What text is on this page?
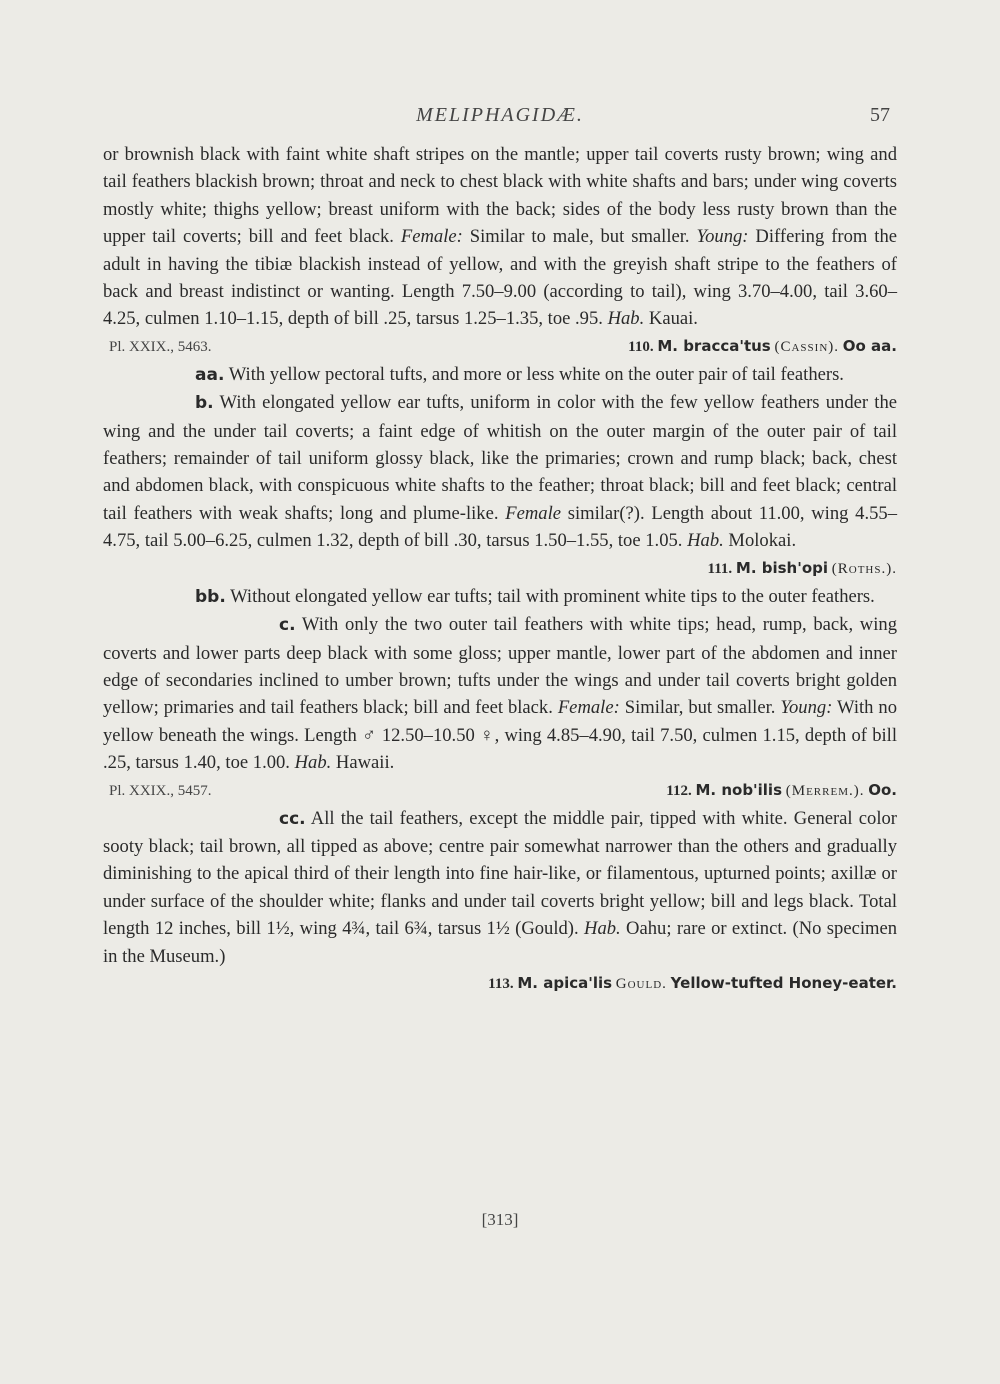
MELIPHAGIDÆ.	57

or brownish black with faint white shaft stripes on the mantle; upper tail coverts rusty brown; wing and tail feathers blackish brown; throat and neck to chest black with white shafts and bars; under wing coverts mostly white; thighs yellow; breast uniform with the back; sides of the body less rusty brown than the upper tail coverts; bill and feet black. Female: Similar to male, but smaller. Young: Differing from the adult in having the tibiæ blackish instead of yellow, and with the greyish shaft stripe to the feathers of back and breast indistinct or wanting. Length 7.50–9.00 (according to tail), wing 3.70–4.00, tail 3.60–4.25, culmen 1.10–1.15, depth of bill .25, tarsus 1.25–1.35, toe .95. Hab. Kauai.

Pl. XXIX., 5463.	110. M. bracca'tus (Cassin). Oo aa.

aa. With yellow pectoral tufts, and more or less white on the outer pair of tail feathers.

b. With elongated yellow ear tufts, uniform in color with the few yellow feathers under the wing and the under tail coverts; a faint edge of whitish on the outer margin of the outer pair of tail feathers; remainder of tail uniform glossy black, like the primaries; crown and rump black; back, chest and abdomen black, with conspicuous white shafts to the feather; throat black; bill and feet black; central tail feathers with weak shafts; long and plume-like. Female similar(?). Length about 11.00, wing 4.55–4.75, tail 5.00–6.25, culmen 1.32, depth of bill .30, tarsus 1.50–1.55, toe 1.05. Hab. Molokai.

111. M. bish'opi (Roths.).

bb. Without elongated yellow ear tufts; tail with prominent white tips to the outer feathers.

c. With only the two outer tail feathers with white tips; head, rump, back, wing coverts and lower parts deep black with some gloss; upper mantle, lower part of the abdomen and inner edge of secondaries inclined to umber brown; tufts under the wings and under tail coverts bright golden yellow; primaries and tail feathers black; bill and feet black. Female: Similar, but smaller. Young: With no yellow beneath the wings. Length ♂ 12.50–10.50 ♀, wing 4.85–4.90, tail 7.50, culmen 1.15, depth of bill .25, tarsus 1.40, toe 1.00. Hab. Hawaii.

Pl. XXIX., 5457.	112. M. nob'ilis (Merrem.). Oo.

cc. All the tail feathers, except the middle pair, tipped with white. General color sooty black; tail brown, all tipped as above; centre pair somewhat narrower than the others and gradually diminishing to the apical third of their length into fine hair-like, or filamentous, upturned points; axillæ or under surface of the shoulder white; flanks and under tail coverts bright yellow; bill and legs black. Total length 12 inches, bill 1½, wing 4¾, tail 6¾, tarsus 1½ (Gould). Hab. Oahu; rare or extinct. (No specimen in the Museum.)

113. M. apica'lis Gould. Yellow-tufted Honey-eater.
[313]
